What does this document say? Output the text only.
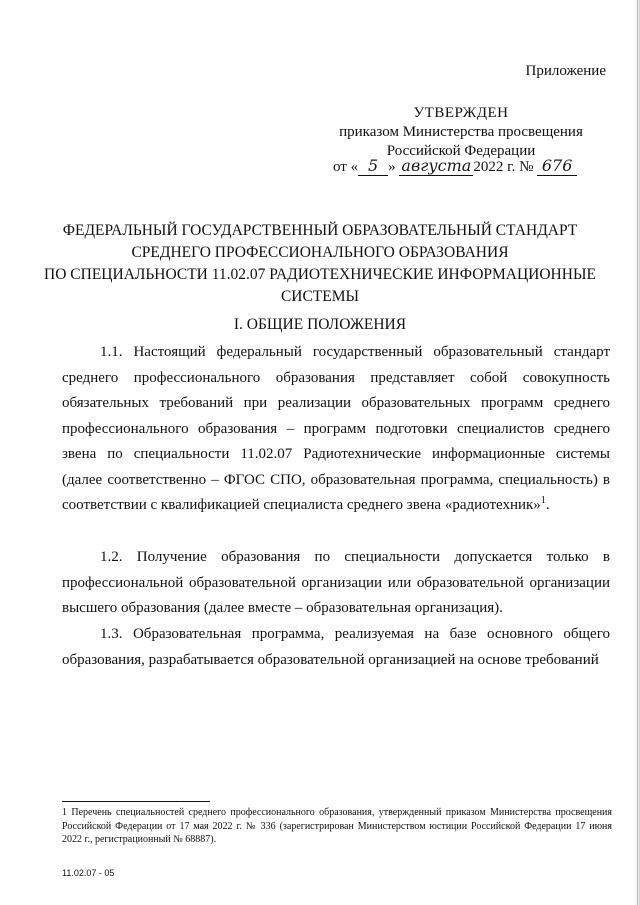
Приложение
УТВЕРЖДЕН
приказом Министерства просвещения
Российской Федерации
от « 5 » августа 2022 г. № 676
ФЕДЕРАЛЬНЫЙ ГОСУДАРСТВЕННЫЙ ОБРАЗОВАТЕЛЬНЫЙ СТАНДАРТ
СРЕДНЕГО ПРОФЕССИОНАЛЬНОГО ОБРАЗОВАНИЯ
ПО СПЕЦИАЛЬНОСТИ 11.02.07 РАДИОТЕХНИЧЕСКИЕ ИНФОРМАЦИОННЫЕ
СИСТЕМЫ
I. ОБЩИЕ ПОЛОЖЕНИЯ
1.1. Настоящий федеральный государственный образовательный стандарт среднего профессионального образования представляет собой совокупность обязательных требований при реализации образовательных программ среднего профессионального образования – программ подготовки специалистов среднего звена по специальности 11.02.07 Радиотехнические информационные системы (далее соответственно – ФГОС СПО, образовательная программа, специальность) в соответствии с квалификацией специалиста среднего звена «радиотехник»$^1$.
1.2. Получение образования по специальности допускается только в профессиональной образовательной организации или образовательной организации высшего образования (далее вместе – образовательная организация).
1.3. Образовательная программа, реализуемая на базе основного общего образования, разрабатывается образовательной организацией на основе требований
1 Перечень специальностей среднего профессионального образования, утвержденный приказом Министерства просвещения Российской Федерации от 17 мая 2022 г. № 336 (зарегистрирован Министерством юстиции Российской Федерации 17 июня 2022 г., регистрационный № 68887).
11.02.07 - 05
